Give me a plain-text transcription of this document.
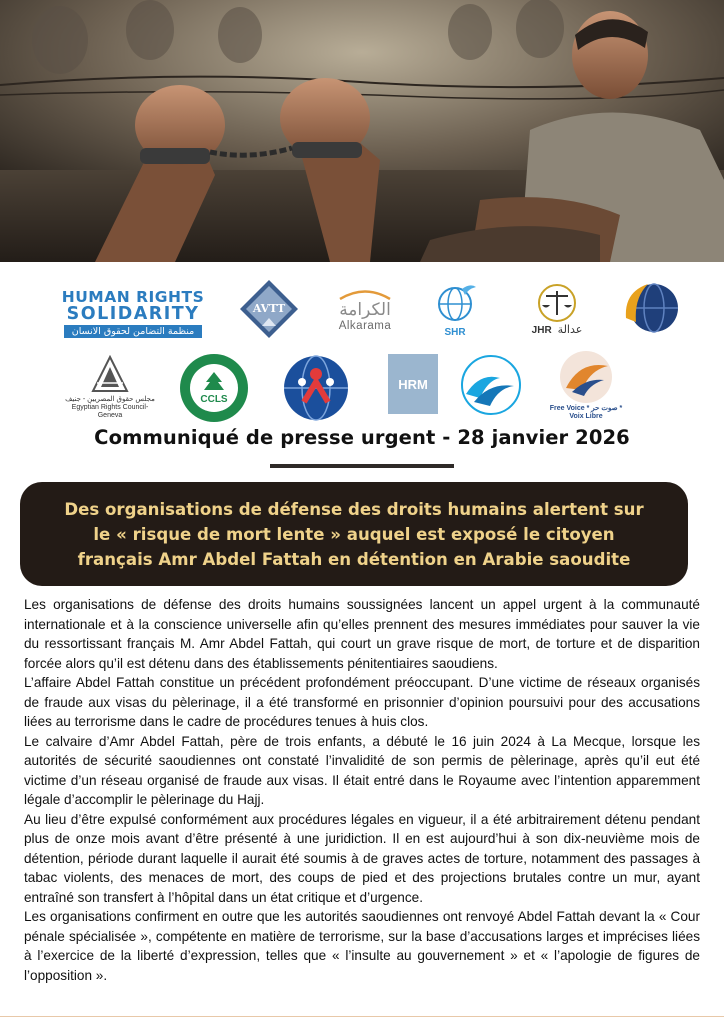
HUMAN RIGHTS
SOLIDARITY
منظمة التضامن لحقوق الانسان
AVTT	الكرامة
Alkarama	SHR	JHR عدالة
مجلس حقوق المصريين - جنيف
Egyptian Rights Council-Geneva
CCLS
HRM
Free Voice * صوت حر * Voix Libre
Communiqué de presse urgent - 28 janvier 2026
Des organisations de défense des droits humains alertent sur
le « risque de mort lente » auquel est exposé le citoyen
français Amr Abdel Fattah en détention en Arabie saoudite

Les organisations de défense des droits humains soussignées lancent un appel urgent à la communauté internationale et à la conscience universelle afin qu’elles prennent des mesures immédiates pour sauver la vie du ressortissant français M. Amr Abdel Fattah, qui court un grave risque de mort, de torture et de disparition forcée alors qu’il est détenu dans des établissements pénitentiaires saoudiens.

L’affaire Abdel Fattah constitue un précédent profondément préoccupant. D’une victime de réseaux organisés de fraude aux visas du pèlerinage, il a été transformé en prisonnier d’opinion poursuivi pour des accusations liées au terrorisme dans le cadre de procédures tenues à huis clos.

Le calvaire d’Amr Abdel Fattah, père de trois enfants, a débuté le 16 juin 2024 à La Mecque, lorsque les autorités de sécurité saoudiennes ont constaté l’invalidité de son permis de pèlerinage, après qu’il eut été victime d’un réseau organisé de fraude aux visas. Il était entré dans le Royaume avec l’intention apparemment légale d’accomplir le pèlerinage du Hajj.

Au lieu d’être expulsé conformément aux procédures légales en vigueur, il a été arbitrairement détenu pendant plus de onze mois avant d’être présenté à une juridiction. Il en est aujourd’hui à son dix-neuvième mois de détention, période durant laquelle il aurait été soumis à de graves actes de torture, notamment des passages à tabac violents, des menaces de mort, des coups de pied et des projections brutales contre un mur, ayant entraîné son transfert à l’hôpital dans un état critique et d’urgence.

Les organisations confirment en outre que les autorités saoudiennes ont renvoyé Abdel Fattah devant la « Cour pénale spécialisée », compétente en matière de terrorisme, sur la base d’accusations larges et imprécises liées à l’exercice de la liberté d’expression, telles que « l’insulte au gouvernement » et « l’apologie de figures de l’opposition ».
